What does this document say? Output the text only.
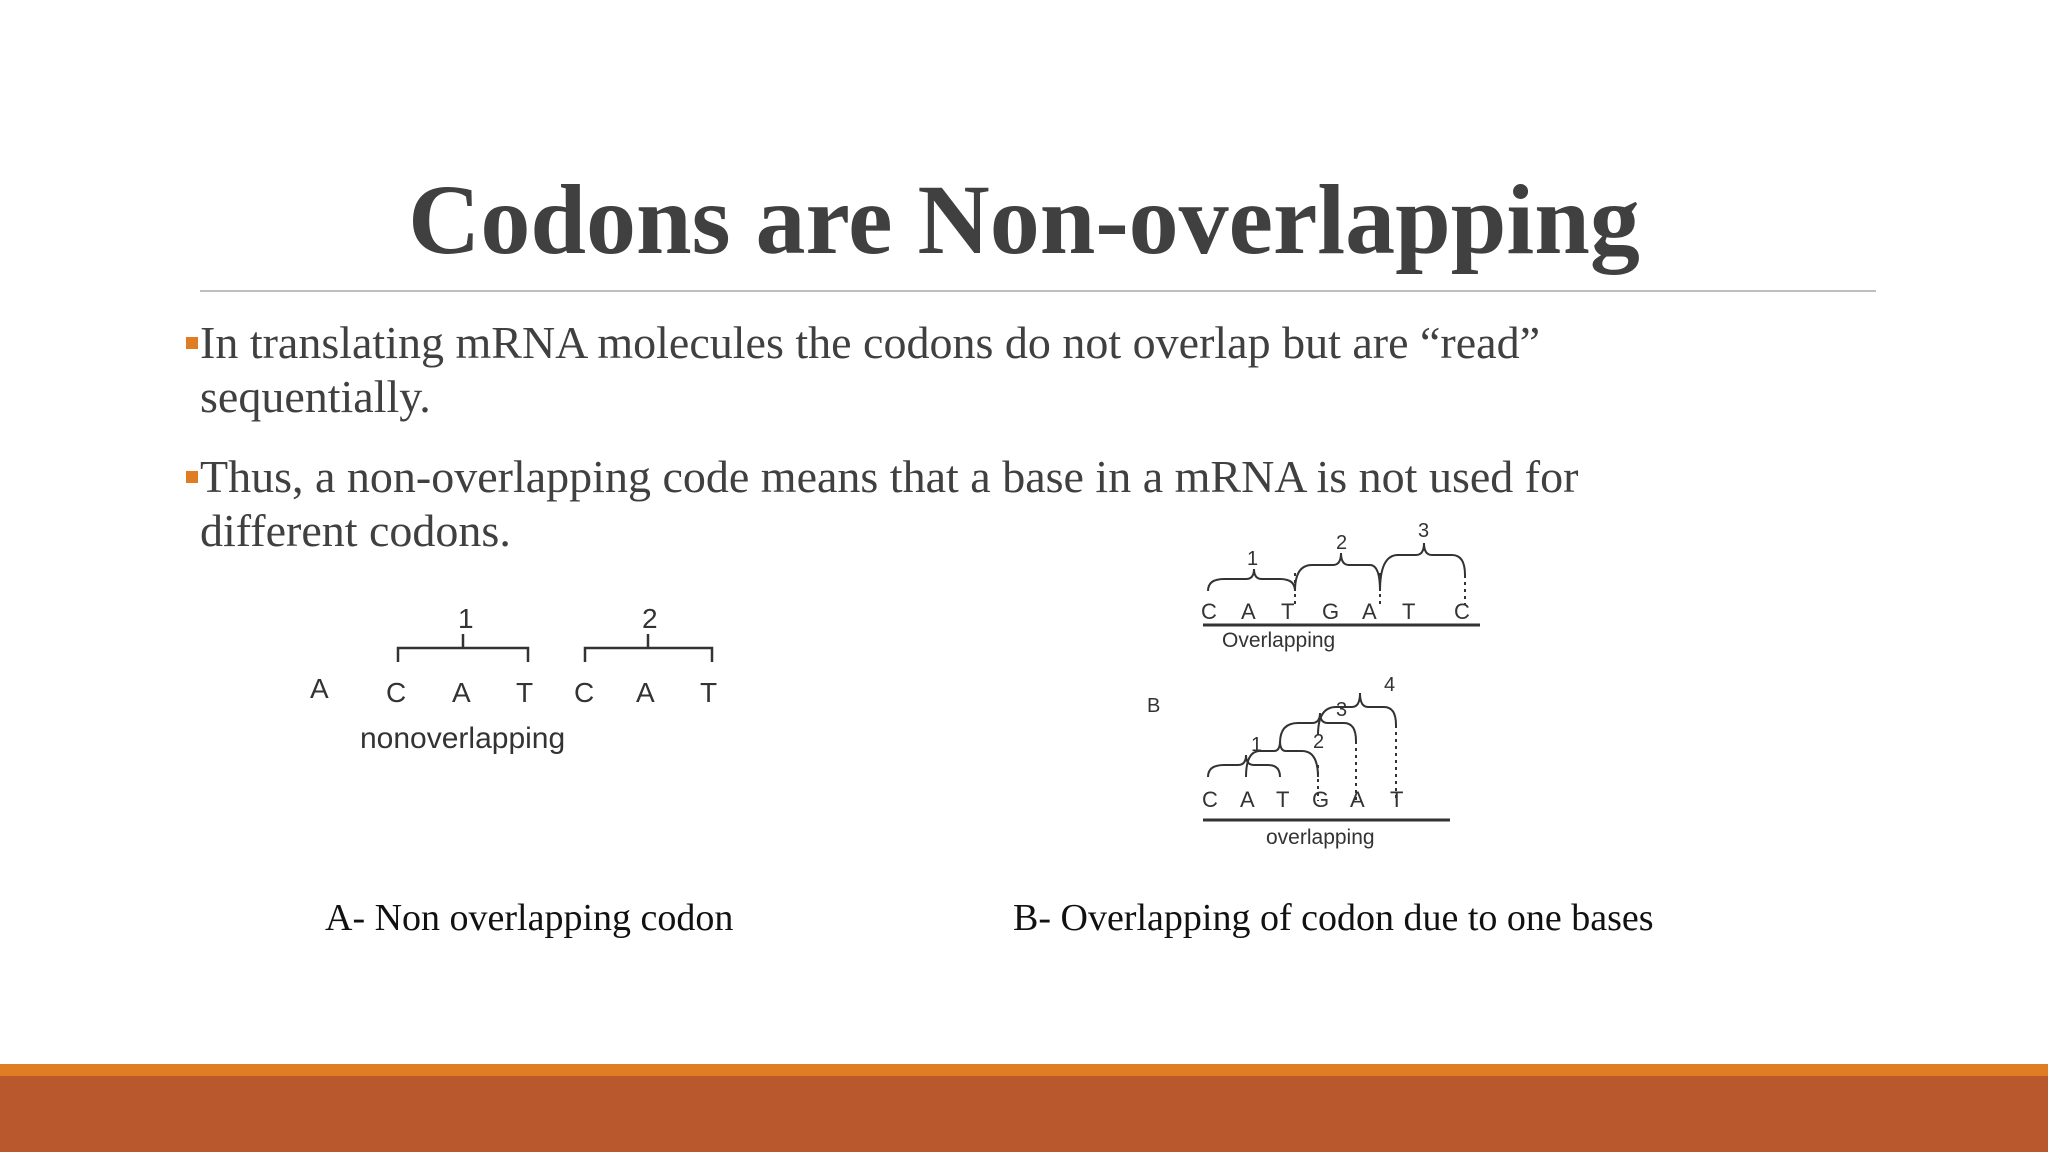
Codons are Non-overlapping
In translating mRNA molecules the codons do not overlap but are “read”
sequentially.
Thus, a non-overlapping code means that a base in a mRNA is not used for
different codons.
1	2
A C A T C A T
nonoverlapping
1
2
3
C A T G A T C
Overlapping
B
1	2
3
4
C A T G A T
overlapping
A- Non overlapping codon	B- Overlapping of codon due to one bases
